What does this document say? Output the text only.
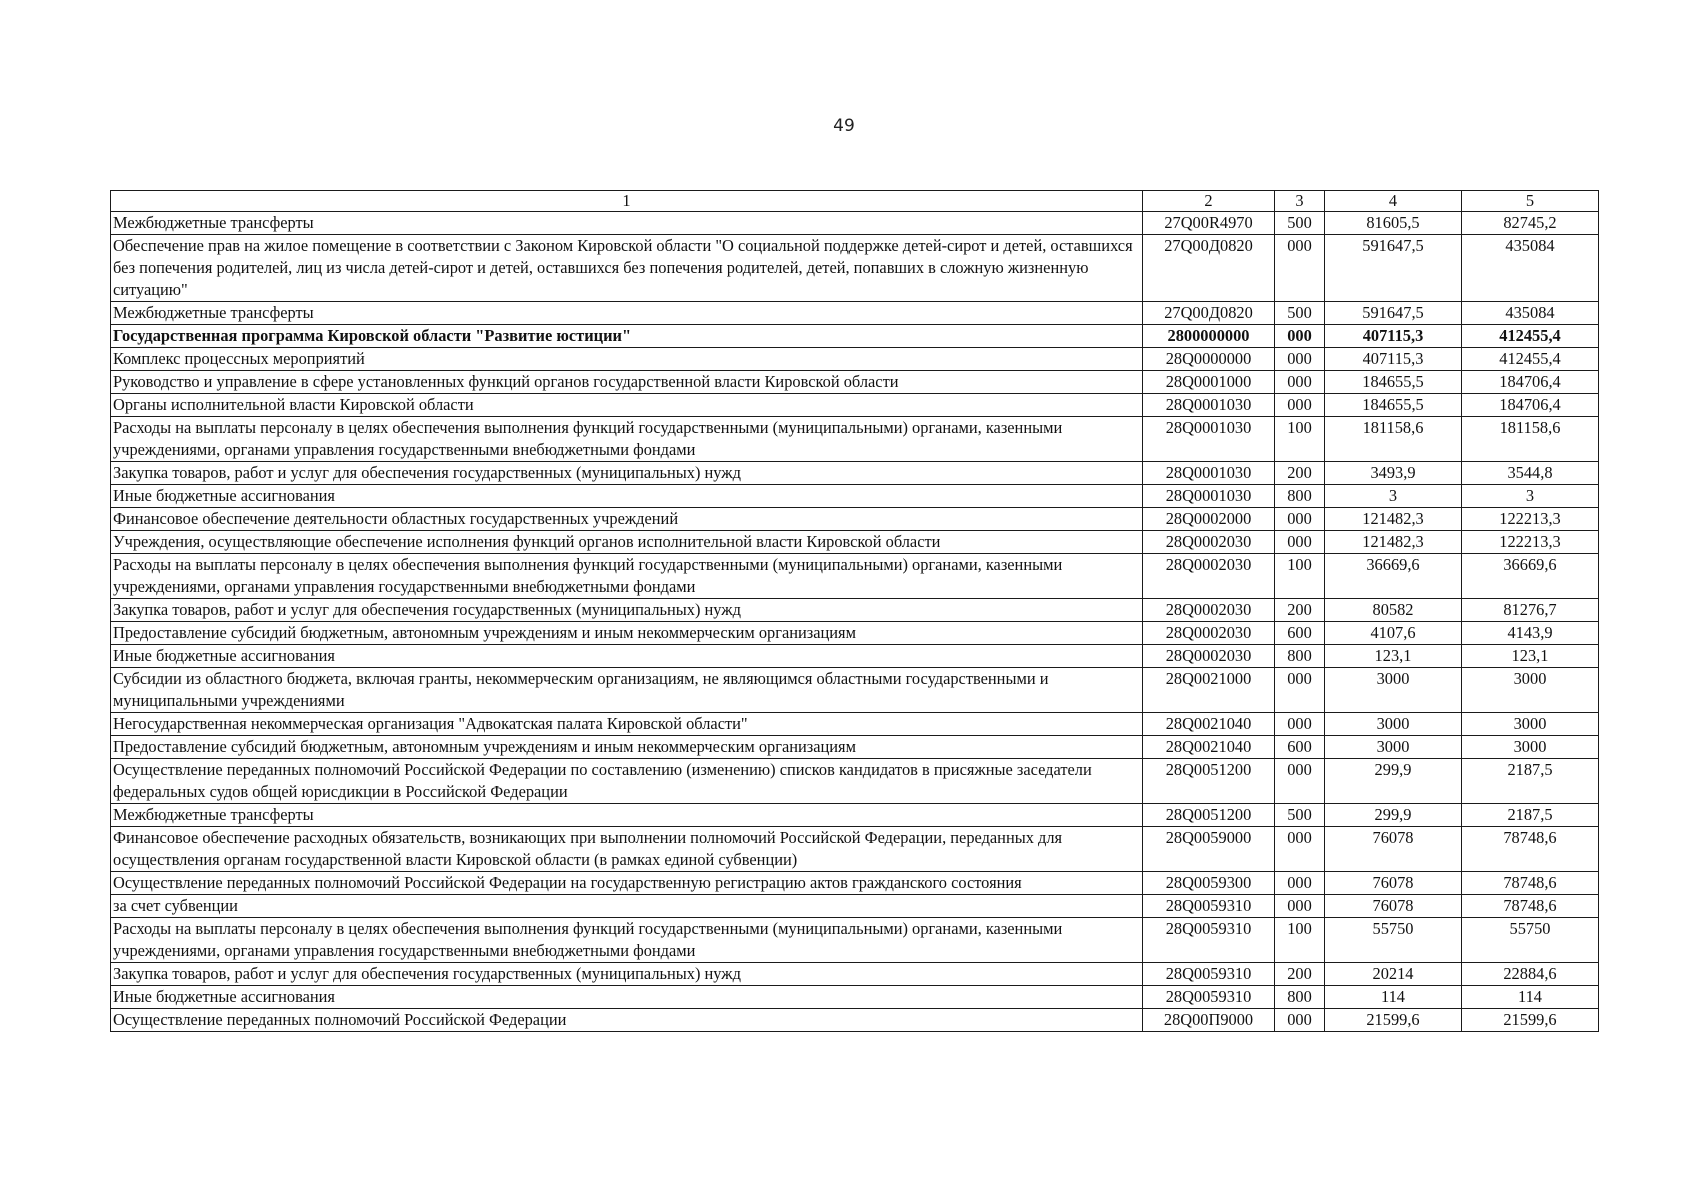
49
1	2	3	4	5
Межбюджетные трансферты	27Q00R4970	500	81605,5	82745,2
Обеспечение прав на жилое помещение в соответствии с Законом Кировской области "О социальной поддержке детей-сирот и детей, оставшихся без попечения родителей, лиц из числа детей-сирот и детей, оставшихся без попечения родителей, детей, попавших в сложную жизненную ситуацию"	27Q00Д0820	000	591647,5	435084
Межбюджетные трансферты	27Q00Д0820	500	591647,5	435084
Государственная программа Кировской области "Развитие юстиции"	2800000000	000	407115,3	412455,4
Комплекс процессных мероприятий	28Q0000000	000	407115,3	412455,4
Руководство и управление в сфере установленных функций органов государственной власти Кировской области	28Q0001000	000	184655,5	184706,4
Органы исполнительной власти Кировской области	28Q0001030	000	184655,5	184706,4
Расходы на выплаты персоналу в целях обеспечения выполнения функций государственными (муниципальными) органами, казенными учреждениями, органами управления государственными внебюджетными фондами	28Q0001030	100	181158,6	181158,6
Закупка товаров, работ и услуг для обеспечения государственных (муниципальных) нужд	28Q0001030	200	3493,9	3544,8
Иные бюджетные ассигнования	28Q0001030	800	3	3
Финансовое обеспечение деятельности областных государственных учреждений	28Q0002000	000	121482,3	122213,3
Учреждения, осуществляющие обеспечение исполнения функций органов исполнительной власти Кировской области	28Q0002030	000	121482,3	122213,3
Расходы на выплаты персоналу в целях обеспечения выполнения функций государственными (муниципальными) органами, казенными учреждениями, органами управления государственными внебюджетными фондами	28Q0002030	100	36669,6	36669,6
Закупка товаров, работ и услуг для обеспечения государственных (муниципальных) нужд	28Q0002030	200	80582	81276,7
Предоставление субсидий бюджетным, автономным учреждениям и иным некоммерческим организациям	28Q0002030	600	4107,6	4143,9
Иные бюджетные ассигнования	28Q0002030	800	123,1	123,1
Субсидии из областного бюджета, включая гранты, некоммерческим организациям, не являющимся областными государственными и муниципальными учреждениями	28Q0021000	000	3000	3000
Негосударственная некоммерческая организация "Адвокатская палата Кировской области"	28Q0021040	000	3000	3000
Предоставление субсидий бюджетным, автономным учреждениям и иным некоммерческим организациям	28Q0021040	600	3000	3000
Осуществление переданных полномочий Российской Федерации по составлению (изменению) списков кандидатов в присяжные заседатели федеральных судов общей юрисдикции в Российской Федерации	28Q0051200	000	299,9	2187,5
Межбюджетные трансферты	28Q0051200	500	299,9	2187,5
Финансовое обеспечение расходных обязательств, возникающих при выполнении полномочий Российской Федерации, переданных для осуществления органам государственной власти Кировской области (в рамках единой субвенции)	28Q0059000	000	76078	78748,6
Осуществление переданных полномочий Российской Федерации на государственную регистрацию актов гражданского состояния	28Q0059300	000	76078	78748,6
за счет субвенции	28Q0059310	000	76078	78748,6
Расходы на выплаты персоналу в целях обеспечения выполнения функций государственными (муниципальными) органами, казенными учреждениями, органами управления государственными внебюджетными фондами	28Q0059310	100	55750	55750
Закупка товаров, работ и услуг для обеспечения государственных (муниципальных) нужд	28Q0059310	200	20214	22884,6
Иные бюджетные ассигнования	28Q0059310	800	114	114
Осуществление переданных полномочий Российской Федерации	28Q00П9000	000	21599,6	21599,6
